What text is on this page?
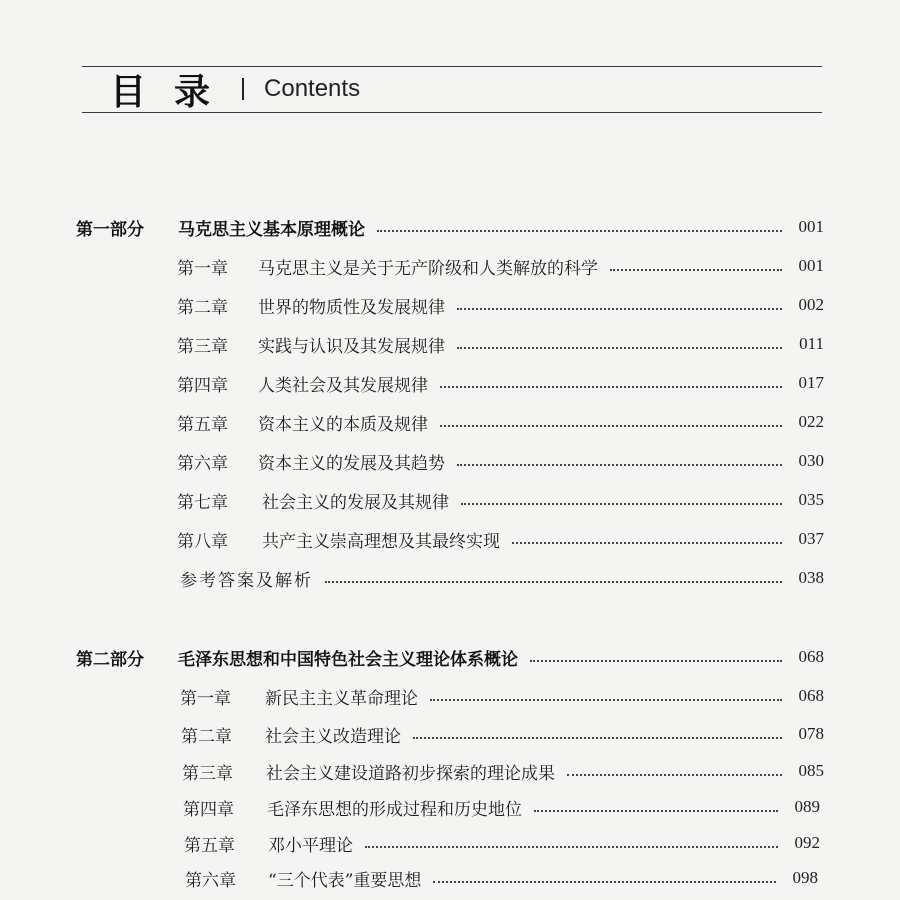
目录 Contents
第一部分 马克思主义基本原理概论	001
第一章 马克思主义是关于无产阶级和人类解放的科学	001
第二章 世界的物质性及发展规律	002
第三章 实践与认识及其发展规律	011
第四章 人类社会及其发展规律	017
第五章 资本主义的本质及规律	022
第六章 资本主义的发展及其趋势	030
第七章 社会主义的发展及其规律	035
第八章 共产主义崇高理想及其最终实现	037
参考答案及解析	038
第二部分 毛泽东思想和中国特色社会主义理论体系概论	068
第一章 新民主主义革命理论	068
第二章 社会主义改造理论	078
第三章 社会主义建设道路初步探索的理论成果	085
第四章 毛泽东思想的形成过程和历史地位	089
第五章 邓小平理论	092
第六章 “三个代表”重要思想	098
